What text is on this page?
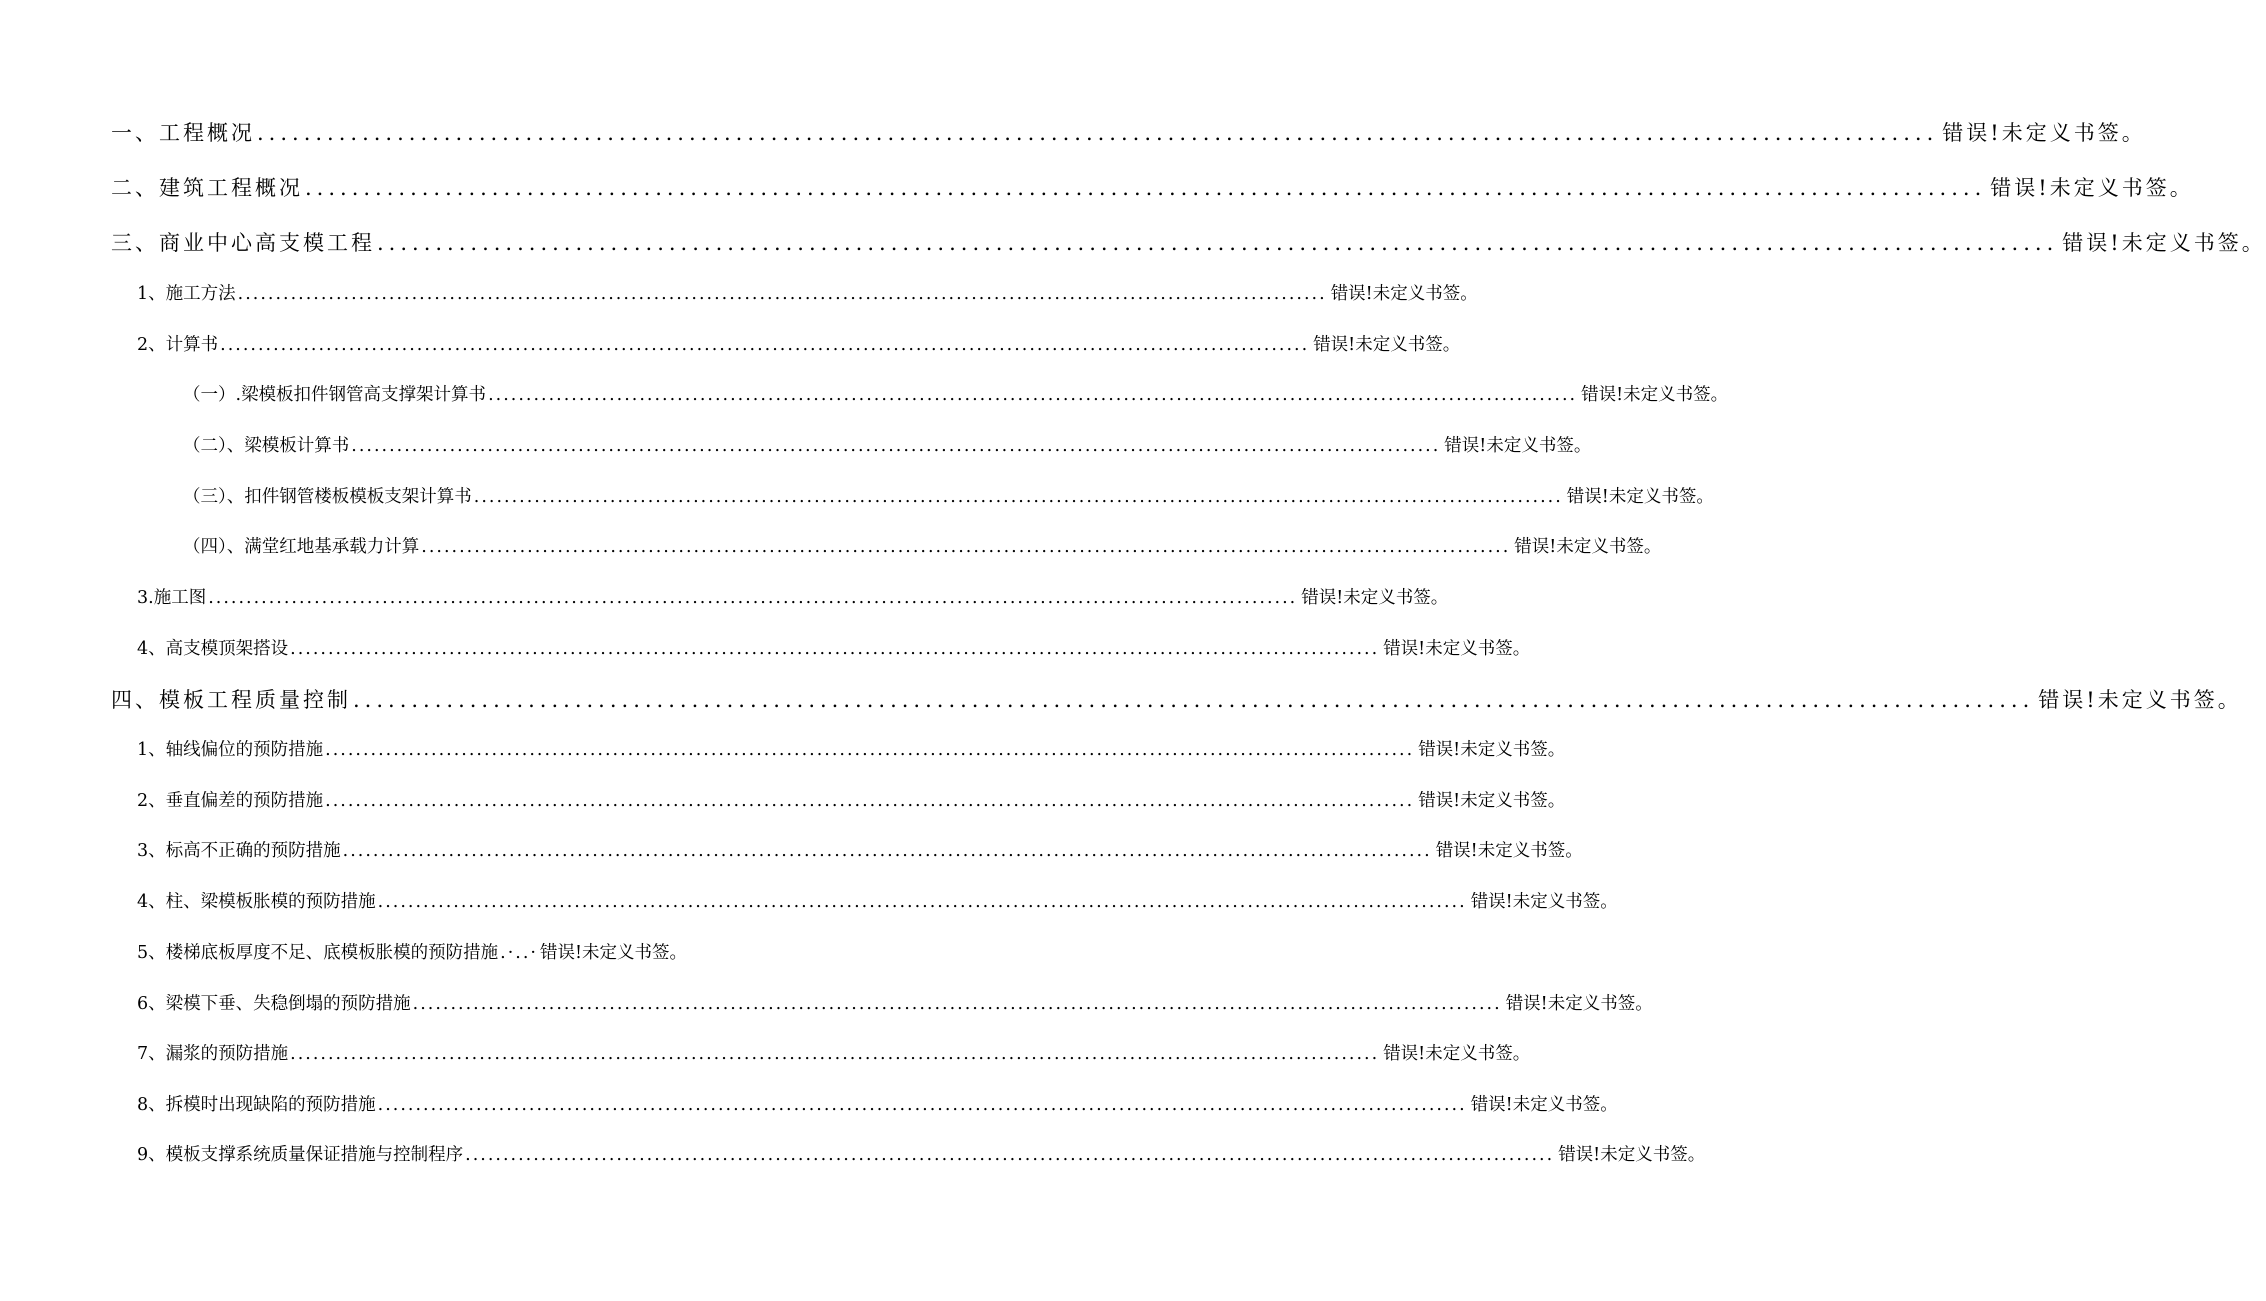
一、工程概况 ................................................................................................................................................ 错误!未定义书签。
二、建筑工程概况 ................................................................................................................................................ 错误!未定义书签。
三、商业中心高支模工程 ................................................................................................................................................ 错误!未定义书签。
1、施工方法 ................................................................................................................................................ 错误!未定义书签。
2、计算书 ................................................................................................................................................ 错误!未定义书签。
（一）.梁模板扣件钢管高支撑架计算书 ................................................................................................................................................ 错误!未定义书签。
（二）、梁模板计算书 ................................................................................................................................................ 错误!未定义书签。
（三）、扣件钢管楼板模板支架计算书 ................................................................................................................................................ 错误!未定义书签。
（四）、满堂红地基承载力计算 ................................................................................................................................................ 错误!未定义书签。
3.施工图 ................................................................................................................................................ 错误!未定义书签。
4、高支模顶架搭设 ................................................................................................................................................ 错误!未定义书签。
四、模板工程质量控制 ................................................................................................................................................ 错误!未定义书签。
1、轴线偏位的预防措施 ................................................................................................................................................ 错误!未定义书签。
2、垂直偏差的预防措施 ................................................................................................................................................ 错误!未定义书签。
3、标高不正确的预防措施 ................................................................................................................................................ 错误!未定义书签。
4、柱、梁模板胀模的预防措施 ................................................................................................................................................ 错误!未定义书签。
5、楼梯底板厚度不足、底模板胀模的预防措施 .·..· 错误!未定义书签。
6、梁模下垂、失稳倒塌的预防措施 ................................................................................................................................................ 错误!未定义书签。
7、漏浆的预防措施 ................................................................................................................................................ 错误!未定义书签。
8、拆模时出现缺陷的预防措施 ................................................................................................................................................ 错误!未定义书签。
9、模板支撑系统质量保证措施与控制程序 ................................................................................................................................................ 错误!未定义书签。
